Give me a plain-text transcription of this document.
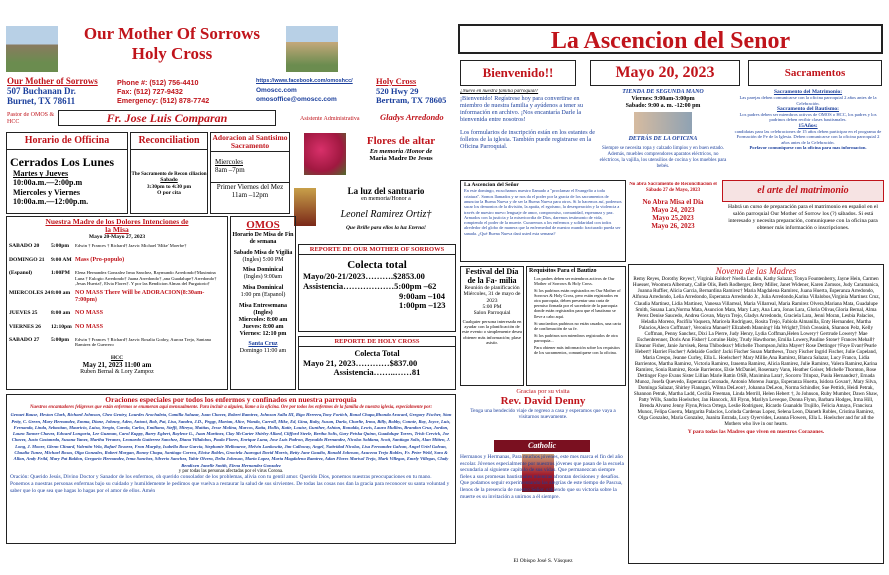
Our Mother Of Sorrows
Holy Cross
Our Mother of Sorrows
507 Buchanan Dr.
Burnet, TX 78611
Phone #: (512) 756-4410
Fax: (512) 727-9432
Emergency: (512) 878-7742
https://www.facebook.com/omoshcc/
Omoscc.com
omosoffice@omoscc.com
Holy Cross
520 Hwy 29
Bertram, TX 78605
Pastor de OMOS & HCC	Fr. Jose Luis Comparan	Asistente Administrativa	Gladys Arredondo
Horario de Officina
Cerrados Los Lunes
Martes y Jueves
10:00a.m.—2:00p.m
Miercoles y Viernes
10:00a.m.—12:00p.m.
Reconciliation
The Sacramento de Recon ciliacion
Sabado
3:30pm to 4:30 pm
O por cita
Adoracion al Santisimo Sacramento
Miercoles
8am –7pm
Primer Viernes del Mez
11am –12pm
Flores de altar
En memoria /Honor de
Maria Madre De Jesus
La luz del santuario
en memoria/Honor a
Leonel Ramirez Ortiz†
Que Brille para ellos la luz Eterna!
Nuestra Madre de los Dolores Intenciones de la Misa
Mayo 20-Mayo 27, 2023
SABADO 20	5:00pm	Edwin † Frances † Richard† Jazvic Michael 'Mike' Moerbe†
DOMINGO 21	9:00 AM Mass (Pro-populo)
(Espanol)	1:00PM	Elena Hernandez Gonzalez Irma Sanchez, Raymundo Arredondo†Maximina Luna † Eulogio Arredondo† Juana Arredondo† ,ana Guadalupe† Arredondo† ,Jesus Huerta†, Elvia Flores†. Y por las Bendicion Almas del Purgatorio†
MIERCOLES 24 8:00 am NO MASS There Will be ADORACION(8:30am-7:00pm)
JUEVES 25	8:00 am NO MASS
VIERNES 26	12:10pm NO MASS
SABADO 27	5:00pm	Edwin † Frances † Richard† Jazvic Rosalia Godoy, Aurora Trejo, Santana Ramirez de Guerrero
HCC
May 21, 2023 11:00 am
Ruben Bernal & Lory Zampoz
OMOS
Horario De Misa de Fin de semana
Sabado Misa de Vigilia
(Ingles) 5:00 PM
Misa Dominical
(Ingles) 9:00am
Misa Dominical
1:00 pm (Espanol)
Misa Entresemana (Ingles)
Miercoles: 8:00 am
Jueves: 8:00 am
Viernes: 12:10 pm
Santa Cruz
Domingo 11:00 am
REPORTE DE OUR MOTHER OF SORROWS
Colecta total
Mayo/20-21/2023……….$2853.00
Assistencia………………5:00pm –62
9:00am –104
1:00pm –123
REPORTE DE HOLY CROSS
Colecta Total
Mayo 21, 2023…………$837.00
Assistencia……..……81
Oraciones especiales por todos los enfermos y confinados en nuestra parroquia
Nuestros encantadores feligreses que están enfermos se enumeran aquí mensualmente. Para incluir a alguien, llame a la oficina. Ore por todos los enfermos de la familia de nuestra iglesia, especialmente por:
Genuet Bause, Heston Clark, Richard Johnson, Cheo Gentry, Lourdes Arochaleta, Camilla Salazar, Juan Chavez, Robert Ramirez, Johnson Salla III, Rigo Herrera,Tony Fortich, Ronal Chapa,Rhonda Aracanl, Gregory Fischer, Stan Petty, C. Green, Mary Hernandez, Emma, Diane, Johnny, Aden, Antoni, Bob, Pat, Lisa, Sandra, J.D., Peggy, Marian, Alice, Wanda, Carroll, Mike, Ed, Gina, Ruby, Susan, Darla, Charlie, Irma, Billy, Bobby, Connie, Ray, Joyce, Luis, Fernanda, Linda, Sebastian, Mauricio, Luisa, Sergio, Carola, Carlos, Emiliano, Steffi, Mireya, Mattias, Jesse Molina, Marcos, Katia, Hollis, Katie, Louise, Gunther, Ashton, Ronalda, Lewis, Laura Mullins, Brandon Cruz, Jordan, Laura Tanner Chavez, Edward Longoria, Lee Guzman, Carol Kuppy, Barry Egbert, Raylene G., Juan Martinez, Clay McCarter Shirley Allard, Clifford Steele, Bertha Solis, Gary Petska Quinn, Guadalupe Torres, Trish Cervick, Joe Chavez, Justo Castaneda, Susana Yanez, Martha Veranes, Leonardo Gutierrez Sanchez, Diana Villalobos, Paula Flores, Enrique Luna, Jose Luis Padron, Reynaldo Hernandez, Nicolas Saldana, Scott, Santiago Solis, Alan Mitten, J. Long, J. Moore, Glenn Clinard, Valentin Vela, Rafael Tovarez, Fran Murphy, Isabella Rose Garcia, Stephanie Melbourne, Melvin Lankowitz, Jim Calloway, Angel, Natividad Nicolas, Lisa Fernandez Galvan, Angel Uriel Galvan, Claudia Tunez, Michael Rosas, Olga Gonzales, Robert Morgan, Ronny Chapa, Santiago Correa, Eloise Robles, Graciela Juarogui David Morris, Betty Jane Gaudio, Ronald Johnson, Azucena Trejo Robles, Fr. Peter Weld, Sara & Allan, Andy Feild, Mary Pat Baldon, Gregorio Hernandez, Irma Sanchez, Silverio Sanchez, Yahir Olvera, Delia Johnson, Maria Lopez, Maria Magdalena Ramirez, Adan Flores Marisol Trejo, Mark Villegas, Emely Villegas, Clady Bendixen Janelle Smith, Elena Hernandez Gonzalez
y por todas las personas afectadas por el virus Corona.
Oración: Querido Jesús, Divino Doctor y Sanador de los enfermos, oh querido consolador de los problemas, alivia con tu gentil amor. Querido Dios, ponemos nuestras preocupaciones en tu mano. Ponemos a nuestras personas enfermas bajo su cuidado y humildemente le pedimos que vuelva a restaurar la salud de sus sirvientes. De todas las cosas nos dan la gracia para reconocer su santa voluntad y saber que lo que sea que hagas lo hagas por el amor de ellos. Amén
La Ascencion del Senor
Bienvenido!!	Mayo 20, 2023	Sacramentos
¿Nuevo en nuestra familia parroquial?
¡Bienvenido! Regístrese hoy para convertirse en miembro de nuestra familia y ayúdenos a tener su información en archivo. ¡Nos encantaría Darle la bienvenida entre nosotros!
Los formularios de inscripción están en los estantes de folletos de la iglesia. También puede registrarse en la Oficina Parroquial.
TIENDA DE SEGUNDA MANO
Viernes: 9:00am-3:00pm
Sabado: 9:00 a. m. -12:00 pm
DETRÁS DE LA OFICINA
Siempre se necesita ropa y calzado limpios y en buen estado. Además, muebles comprendores aparatos eléctricos, no eléctricos, la vajilla, los utensilios de cocina y los muebles para bebés.
Sacramento del Matrimonio:
Las parejas deben comunicarse con la oficina parroquial 2 años antes de la Celebración.
Sacramento del Bautismo:
Los padres deben ser miembros activos de OMOS o HCC, los padres y los padrinos deben recibir clases bautismales.
15Años:
candidatas para las celebraciones de 15 años deben participar en el programa de Formación de Fe de la Iglesia. Deben comunicarse con la oficina parroquial 2 años antes de la Celebración.
Porfavor comuniquese con la oficina para mas informacion.
La Ascencion del Señor
En este domingo, escuchamos nuestro llamado a "proclamar el Evangelio a toda criatura". Somos llamados y se nos da el poder por la gracia de los sacramentos de anunciar la Buena Nueva y de ser la Buena Nueva para otros. Si lo hacemos así, podemos sacar los demonios de la división, la apatía, el egoísmo, la desesperación y la violencia a través de nuestro nuevo lenguaje de amor, compromiso, comunidad, esperanza y paz. Armados con la justicia y la misericordia de Dios, daremos testimonio de vida, rompiendo el poder de la muerte. Curaremos a los enfermos y solidaridad con todos alrededor del globo de manera que la enfermedad de nuestro mundo fracturado pueda ser sanada. ¿Qué Buena Nueva dará usted esta semana?
No abra Sacramento de Reconciliación el Sábado 27 de Mayo, 2023
No Abra Misa el Dia
Mayo 24, 2023
Mayo 25,2023
Mayo 26, 2023
el arte del matrimonio
Habrá un curso de preparación para el matrimonio en español en el salón parroquial Our Mother of Sorrow los (?) sábados. Si está interesado y necesita preparación, comuníquese con la oficina para obtener más información o inscripciones.
Festival del Día de la Fa- milia
Reunión de planificación
Miércoles, 31 de mayo de 2023
5:00 PM
Salon Parroquial
Cualquier persona interesada en ayudar con la planificación de este evento o simplemente desea obtener más información; plase asistir.
Requisitos Para el Bautizo
Los padres deben ser miembros activos de Our Mother of Sorrows & Holy Cross.
Si los padrinos están registrados en Our Mother of Sorrows & Holy Cross, pero están registrados en otra parroquia, deben presentar una carta de permiso firmada por el sacerdote de la parroquia donde están registrados para que el bautismo se lleve a cabo aquí.
Si uno/ambos padrinos no están casados, una carta de confirmación de su fe.
Si los padrinos son miembros registrados de otra parroquia...
Para obtener más información sobre los requisitos de los sacramentos, comuníquese con la oficina.
Novena de las Madres
Remy Reyes, Dorothy Reyes†, Virginia Baldor† Noella Landin, Kathy Salazar, Tonya Fountenberry, Jayne Hein, Carmen Huesser, Woomera Albernaty, Callie Olis, Beth Rodberger, Betty Miller, Janet Widener, Karen Zomsos, Judy Caramanica, Joanna Ruffier, Alicia Garcia, Bernardina Ramirez† Maria Magdalena Ramirez, Juana Huerta, Esperanza Arredondo, Alfonsa Arredondo, Lelia Arredondo, Esperanza Arredondo Jr., Julia Arredondo,Karina Villalobos,Virginia Martinez Cruz, Claudia Martinez, Lidia Martinez, Vanessa Villarreal, Maria Villarreal, Maria Ramirez Olvera,Mariana Mata, Guadalupe Smith, Susana Lara,Norma Mata, Asuncion Mata, Mary Lary, Ana Lara, Jonas Lara, Gloria Olivas,Gloria Bernal, Alma Perez Denise Saucedo, Andrea Govan, Mayra Trejo, Gladys Arredondo, Graciela Lara, Jenni Moran, Lesbia Palacios, Heladia Moreno, Pacifila Vaquera, Maricela Rodriguez, Rosita Trejo, Fabiola Almanilla, Enty Hernandez, Martha Palacios,Aleco Coffman†, Veronica Manuel† Elizabeth Manning† Ida Wright†,Trish Creasink, Shannon Pelz, Kelly Coffman, Penny Sanchez, Dixi La Pierre, Judy Henry, Lydia Coffman,Helen Lowery† Gertrude Lowery† Mae Eschenbrenner, Doris Ann Fisher† Lorraine Haby, Trudy Hawthorne, Emilia Lowery,Pauline Stone† Frances Mehall† Eleanor Fisher, Janie Jarvisek, Rena Thibodeax† Michelle Thompson,Julita Mayer† Rose Dettinger †Faye Evan†Pearle Hebert† Harriet Fischer† Adelaide Godin† Jacki Fischer Susan Matthews, Tracy Fischer Ingrid Fischer, Julie Copeland, Maria Crespo, Jeanne Curley, Ella L. Hoelscher† Mary Millie,Ana Ramirez, Blanca Salazar, Lucy Franco, Lidia Barrientos, Martha Ramirez, Victoria Ramirez, Irasema Ramirez, Alicia Ramirez, Julie Ramirez, Valera Ramirez,Karina Ramirez, Sonia Ramirez, Rosie Barrientos, Elsie McDaniel, Rosemary Vann, Heather Goiser, Michelle Thornton, Rose Dettinger Faye Evans Sister Lillian Marie Rattin OSB, Maximina Lara†, Socorro Trinpoz, Paula Hernandez†, Ernada Munoz, Josefa Quevedo, Esperanza Coronado, Antonio Moreno Juarga, Esperanza Huerta, Isidora Govan†, Mary Silva, Dominga Salazar, Shirley Flanagan, Wilma DeLeon†, Johanna DeLeon, Norma Schindler, Sue Pettick, Heidi Petrak, Shannon Petrak, Martha Ladd, Cecilia Freeman, Linda Merrill, Helen Hebert †, Jo Johnson, Ruby Mumber, Dawn Shaw, Patty Wills, Sandra Hoelscher, Jan Hancock, Jill Flynn, Marilyn Leveque, Donna Flynn, Barbara Hodges, Irma Hill, Brenda Alvarez Jenny Flynn,Prisca Ortega, Leslie Rodriguez, Ricardo Guanaldo Trujillo, Felicia Amaya, Francisca Munoz, Felipa Guerra, Margarita Palacios, Lorinda Cardenas Lopez, Selena Leon, Dianeth Robles, Cristina Ramirez, Olga Gonzalez, Maria Gonzalez, Juanita Estrada, Lucy Oyervides, Leanna Flowers, Ella L. Hoelscher and for all the Mothers who live in our hearts.
Y para todas las Madres que viven en nuestros Corazones.
Gracias por su visita
Rev. David Denny
Tenga una bendecido viaje de regreso a casa y esperamos que vaya a visitarnos nuevamente.
Catholic
Hermanos y Hermanas, Para muchos jóvenes, este mes marca el fin del año escolar. Jóvenes especialmente por nuestros jóvenes que pasan de la escuela secundaria al siguiente capítulo de sus vidas. Que permanezcan siempre fieles a sus promesas bautismales mientras afrontan decisiones y desafíos. Que podamos seguir experimentando las alegrías de este tiempo de Pascua, llenos de la presencia de nuestro Señor, sabiendo que su victoria sobre la muerte es su invitación a unirnos a él siempre.
El Obispo José S. Vásquez
